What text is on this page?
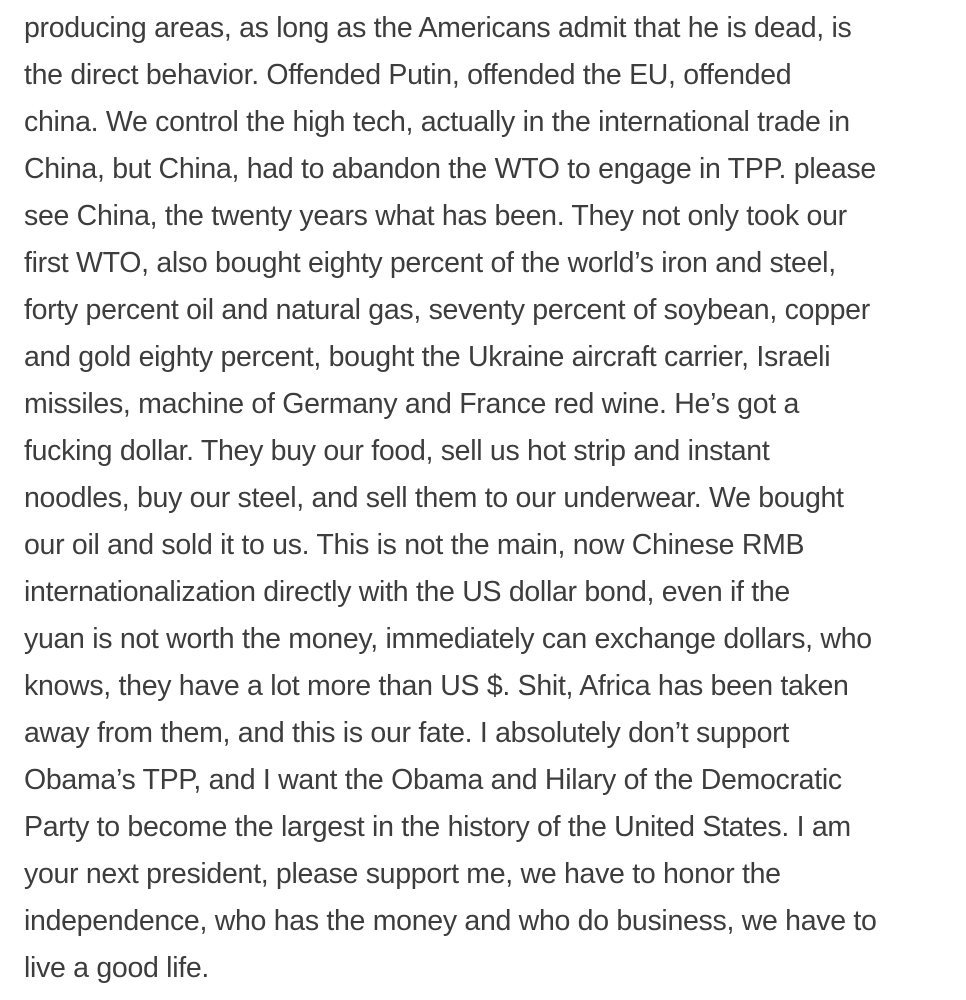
producing areas, as long as the Americans admit that he is dead, is
the direct behavior. Offended Putin, offended the EU, offended
china. We control the high tech, actually in the international trade in
China, but China, had to abandon the WTO to engage in TPP. please
see China, the twenty years what has been. They not only took our
first WTO, also bought eighty percent of the world’s iron and steel,
forty percent oil and natural gas, seventy percent of soybean, copper
and gold eighty percent, bought the Ukraine aircraft carrier, Israeli
missiles, machine of Germany and France red wine. He’s got a
fucking dollar. They buy our food, sell us hot strip and instant
noodles, buy our steel, and sell them to our underwear. We bought
our oil and sold it to us. This is not the main, now Chinese RMB
internationalization directly with the US dollar bond, even if the
yuan is not worth the money, immediately can exchange dollars, who
knows, they have a lot more than US $. Shit, Africa has been taken
away from them, and this is our fate. I absolutely don’t support
Obama’s TPP, and I want the Obama and Hilary of the Democratic
Party to become the largest in the history of the United States. I am
your next president, please support me, we have to honor the
independence, who has the money and who do business, we have to
live a good life.
